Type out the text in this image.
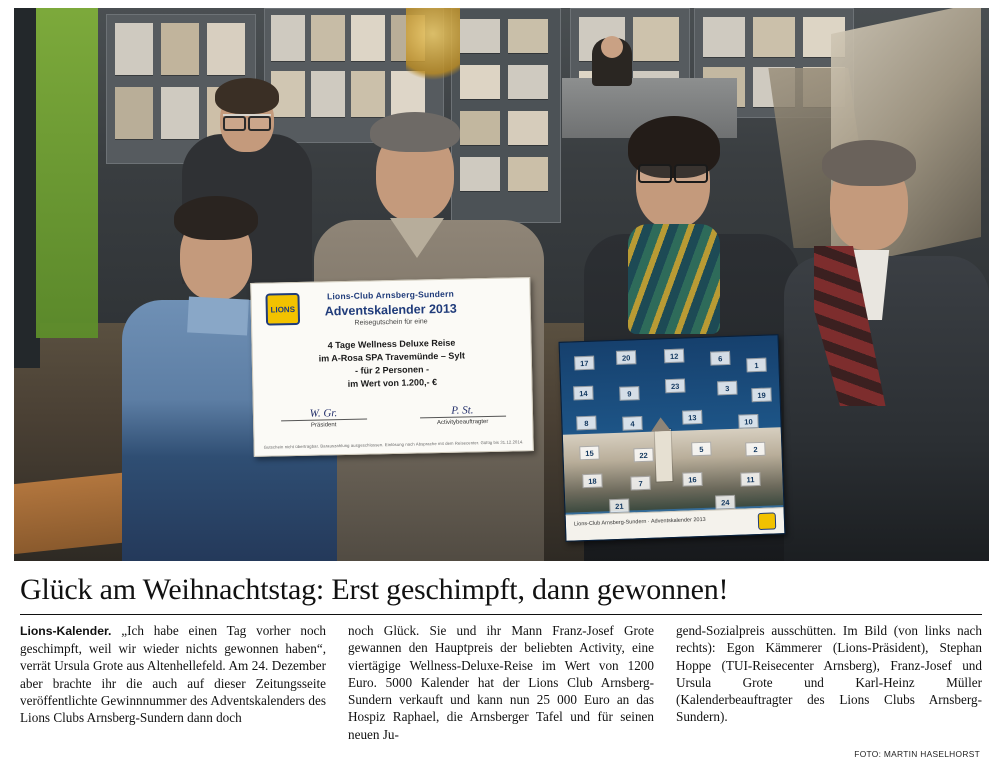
LIONS
Lions-Club Arnsberg-Sundern
Adventskalender 2013
Reisegutschein für eine
4 Tage Wellness Deluxe Reise
im A-Rosa SPA Travemünde – Sylt
- für 2 Personen -
im Wert von 1.200,- €
W. Gr.
Präsident
P. St.
Activitybeauftragter
Gutschein nicht übertragbar. Barauszahlung ausgeschlossen. Einlösung nach Absprache mit dem Reisecenter. Gültig bis 31.12.2014.
17
20	12	6
1
14	9
23	3
19
8	4
13	10
15	22
5	2
18	7	16	11
21	24
Lions-Club Arnsberg-Sundern · Adventskalender 2013
Glück am Weihnachtstag: Erst geschimpft, dann gewonnen!
Lions-Kalender. „Ich habe einen Tag vorher noch geschimpft, weil wir wieder nichts gewonnen haben“, verrät Ursula Grote aus Altenhellefeld. Am 24. Dezember aber brachte ihr die auch auf dieser Zeitungsseite veröffentlichte Gewinnnummer des Adventskalenders des Lions Clubs Arnsberg-Sundern dann doch
noch Glück. Sie und ihr Mann Franz-Josef Grote gewannen den Hauptpreis der beliebten Activity, eine viertägige Wellness-Deluxe-Reise im Wert von 1200 Euro. 5000 Kalender hat der Lions Club Arnsberg-Sundern verkauft und kann nun 25 000 Euro an das Hospiz Raphael, die Arnsberger Tafel und für seinen neuen Ju-
gend-Sozialpreis ausschütten. Im Bild (von links nach rechts): Egon Kämmerer (Lions-Präsident), Stephan Hoppe (TUI-Reisecenter Arnsberg), Franz-Josef und Ursula Grote und Karl-Heinz Müller (Kalenderbeauftragter des Lions Clubs Arnsberg-Sundern).
FOTO: MARTIN HASELHORST
